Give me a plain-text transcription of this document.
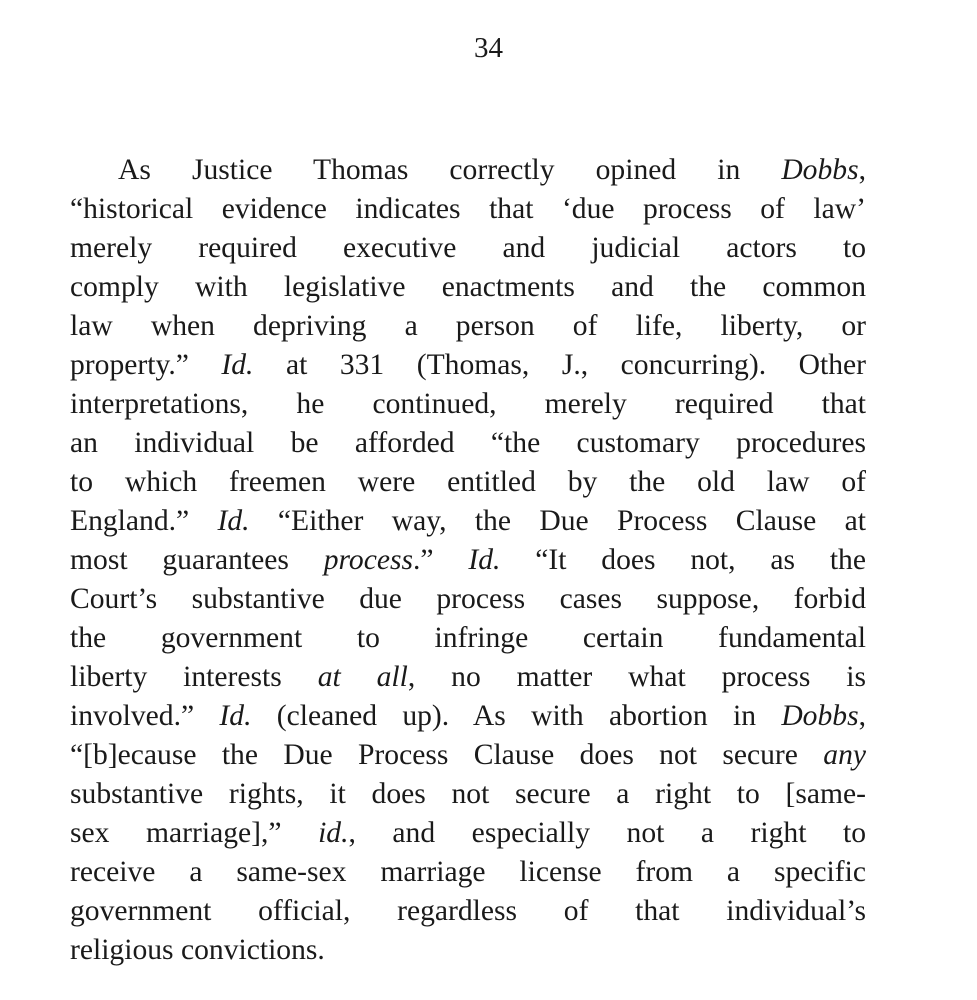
34
As Justice Thomas correctly opined in Dobbs,
“historical evidence indicates that ‘due process of law’
merely required executive and judicial actors to
comply with legislative enactments and the common
law when depriving a person of life, liberty, or
property.” Id. at 331 (Thomas, J., concurring). Other
interpretations, he continued, merely required that
an individual be afforded “the customary procedures
to which freemen were entitled by the old law of
England.” Id. “Either way, the Due Process Clause at
most guarantees process.” Id. “It does not, as the
Court’s substantive due process cases suppose, forbid
the government to infringe certain fundamental
liberty interests at all, no matter what process is
involved.” Id. (cleaned up). As with abortion in Dobbs,
“[b]ecause the Due Process Clause does not secure any
substantive rights, it does not secure a right to [same-
sex marriage],” id., and especially not a right to
receive a same-sex marriage license from a specific
government official, regardless of that individual’s
religious convictions.
